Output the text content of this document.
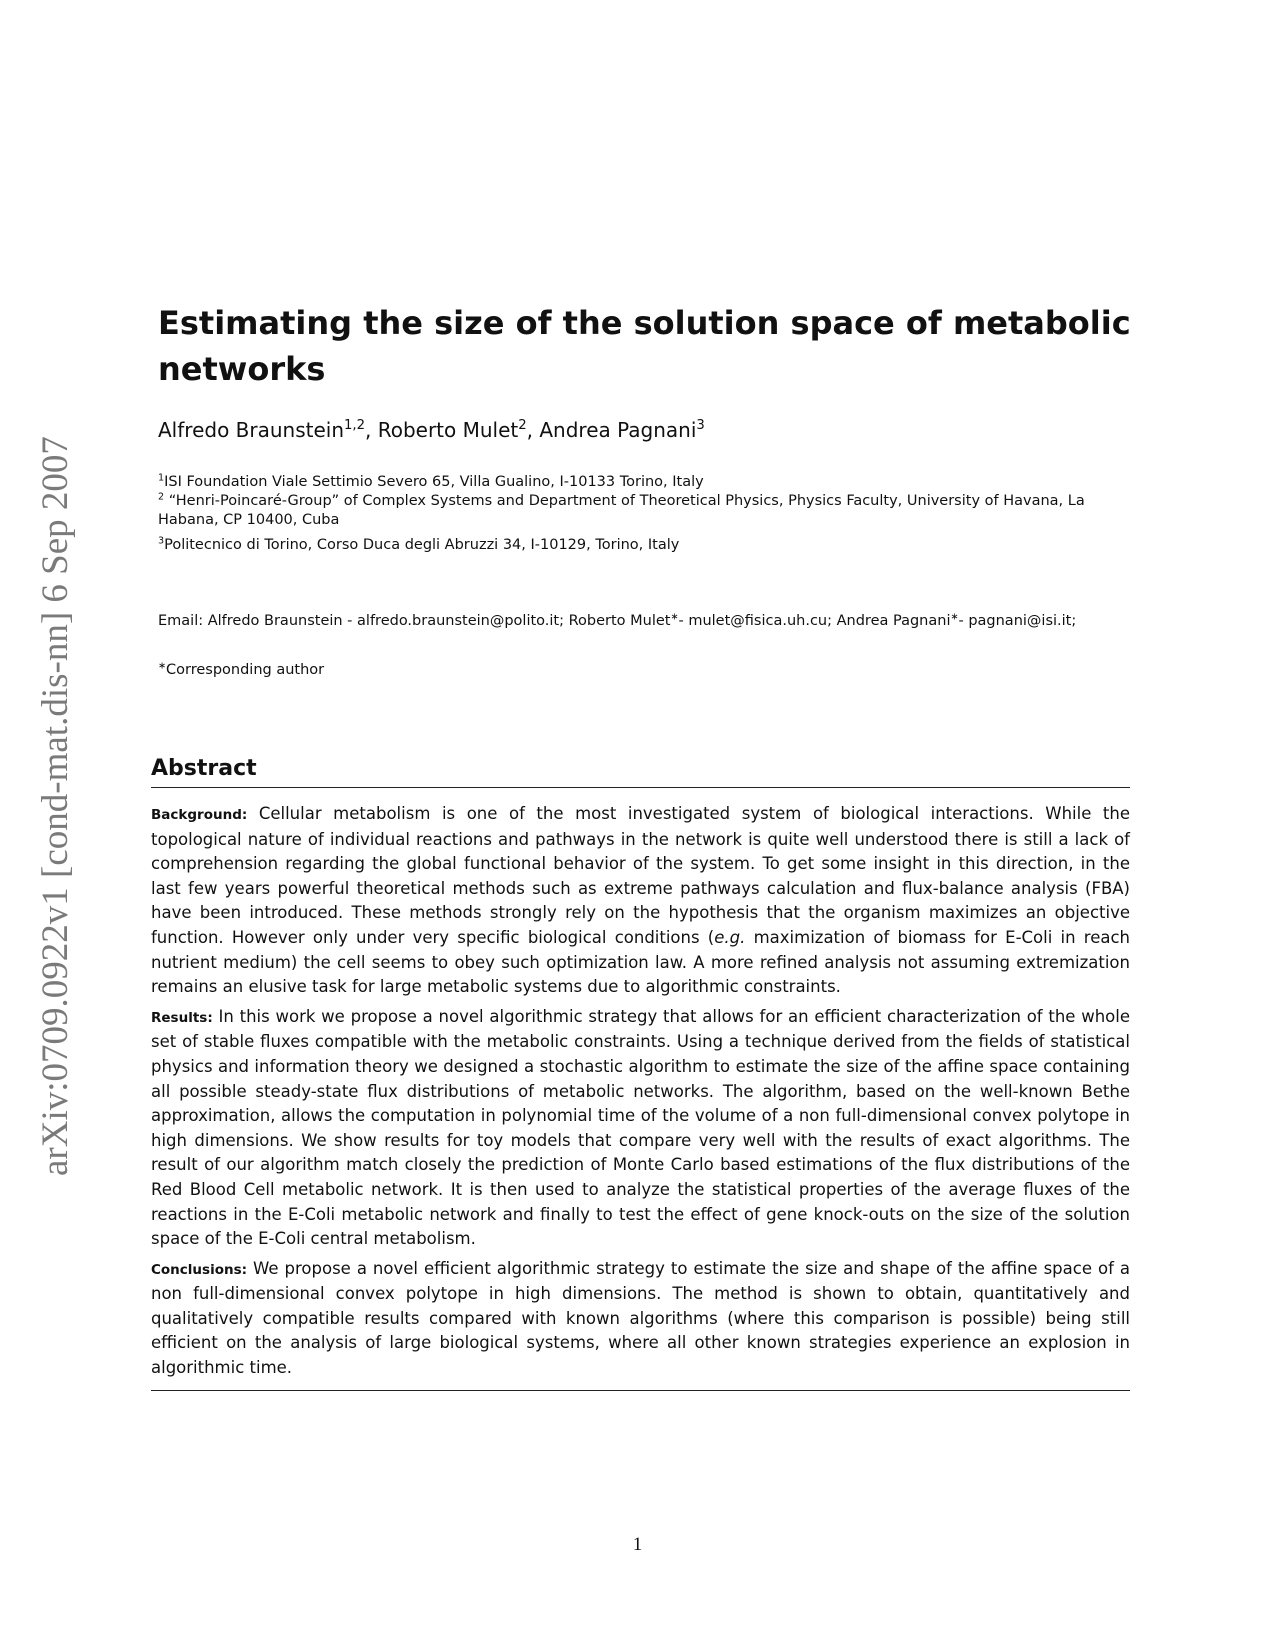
arXiv:0709.0922v1 [cond-mat.dis-nn] 6 Sep 2007
Estimating the size of the solution space of metabolic networks
Alfredo Braunstein$^{1,2}$, Roberto Mulet$^2$, Andrea Pagnani$^3$
$^1$ISI Foundation Viale Settimio Severo 65, Villa Gualino, I-10133 Torino, Italy
$^2$ “Henri-Poincaré-Group” of Complex Systems and Department of Theoretical Physics, Physics Faculty, University of Havana, La Habana, CP 10400, Cuba
$^3$Politecnico di Torino, Corso Duca degli Abruzzi 34, I-10129, Torino, Italy
Email: Alfredo Braunstein - alfredo.braunstein@polito.it; Roberto Mulet∗- mulet@fisica.uh.cu; Andrea Pagnani∗- pagnani@isi.it;
∗Corresponding author
Abstract

Background: Cellular metabolism is one of the most investigated system of biological interactions. While the topological nature of individual reactions and pathways in the network is quite well understood there is still a lack of comprehension regarding the global functional behavior of the system. To get some insight in this direction, in the last few years powerful theoretical methods such as extreme pathways calculation and flux-balance analysis (FBA) have been introduced. These methods strongly rely on the hypothesis that the organism maximizes an objective function. However only under very specific biological conditions (e.g. maximization of biomass for E-Coli in reach nutrient medium) the cell seems to obey such optimization law. A more refined analysis not assuming extremization remains an elusive task for large metabolic systems due to algorithmic constraints.

Results: In this work we propose a novel algorithmic strategy that allows for an efficient characterization of the whole set of stable fluxes compatible with the metabolic constraints. Using a technique derived from the fields of statistical physics and information theory we designed a stochastic algorithm to estimate the size of the affine space containing all possible steady-state flux distributions of metabolic networks. The algorithm, based on the well-known Bethe approximation, allows the computation in polynomial time of the volume of a non full-dimensional convex polytope in high dimensions. We show results for toy models that compare very well with the results of exact algorithms. The result of our algorithm match closely the prediction of Monte Carlo based estimations of the flux distributions of the Red Blood Cell metabolic network. It is then used to analyze the statistical properties of the average fluxes of the reactions in the E-Coli metabolic network and finally to test the effect of gene knock-outs on the size of the solution space of the E-Coli central metabolism.

Conclusions: We propose a novel efficient algorithmic strategy to estimate the size and shape of the affine space of a non full-dimensional convex polytope in high dimensions. The method is shown to obtain, quantitatively and qualitatively compatible results compared with known algorithms (where this comparison is possible) being still efficient on the analysis of large biological systems, where all other known strategies experience an explosion in algorithmic time.

1
